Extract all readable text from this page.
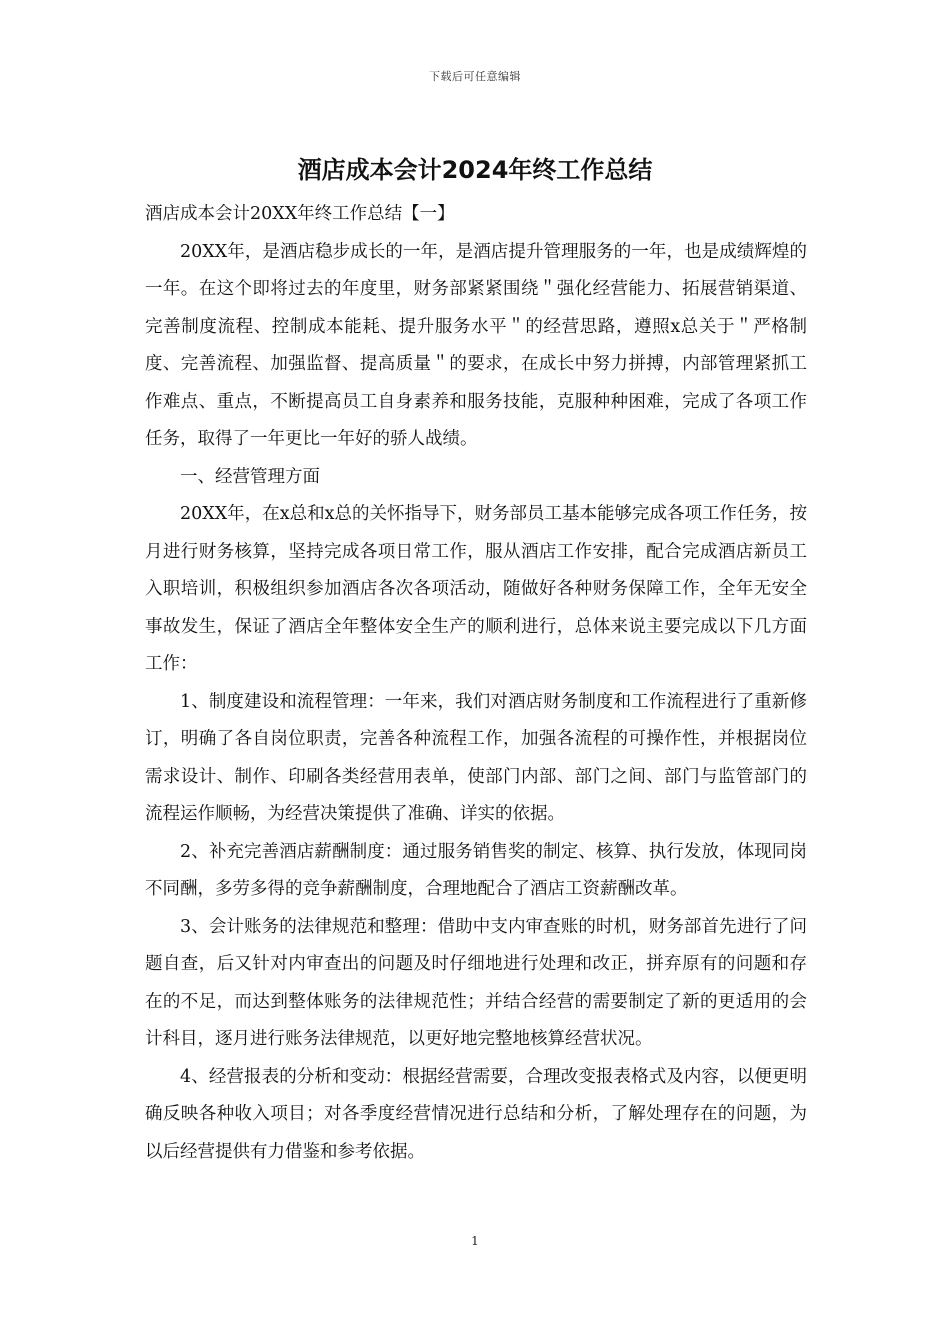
下载后可任意编辑
酒店成本会计2024年终工作总结

酒店成本会计20XX年终工作总结【一】

20XX年，是酒店稳步成长的一年，是酒店提升管理服务的一年，也是成绩辉煌的一年。在这个即将过去的年度里，财务部紧紧围绕＂强化经营能力、拓展营销渠道、完善制度流程、控制成本能耗、提升服务水平＂的经营思路，遵照x总关于＂严格制度、完善流程、加强监督、提高质量＂的要求，在成长中努力拼搏，内部管理紧抓工作难点、重点，不断提高员工自身素养和服务技能，克服种种困难，完成了各项工作任务，取得了一年更比一年好的骄人战绩。

一、经营管理方面

20XX年，在x总和x总的关怀指导下，财务部员工基本能够完成各项工作任务，按月进行财务核算，坚持完成各项日常工作，服从酒店工作安排，配合完成酒店新员工入职培训，积极组织参加酒店各次各项活动，随做好各种财务保障工作，全年无安全事故发生，保证了酒店全年整体安全生产的顺利进行，总体来说主要完成以下几方面工作：

1、制度建设和流程管理：一年来，我们对酒店财务制度和工作流程进行了重新修订，明确了各自岗位职责，完善各种流程工作，加强各流程的可操作性，并根据岗位需求设计、制作、印刷各类经营用表单，使部门内部、部门之间、部门与监管部门的流程运作顺畅，为经营决策提供了准确、详实的依据。

2、补充完善酒店薪酬制度：通过服务销售奖的制定、核算、执行发放，体现同岗不同酬，多劳多得的竞争薪酬制度，合理地配合了酒店工资薪酬改革。

3、会计账务的法律规范和整理：借助中支内审查账的时机，财务部首先进行了问题自查，后又针对内审查出的问题及时仔细地进行处理和改正，拼弃原有的问题和存在的不足，而达到整体账务的法律规范性；并结合经营的需要制定了新的更适用的会计科目，逐月进行账务法律规范，以更好地完整地核算经营状况。

4、经营报表的分析和变动：根据经营需要，合理改变报表格式及内容，以便更明确反映各种收入项目；对各季度经营情况进行总结和分析，了解处理存在的问题，为以后经营提供有力借鉴和参考依据。

1
